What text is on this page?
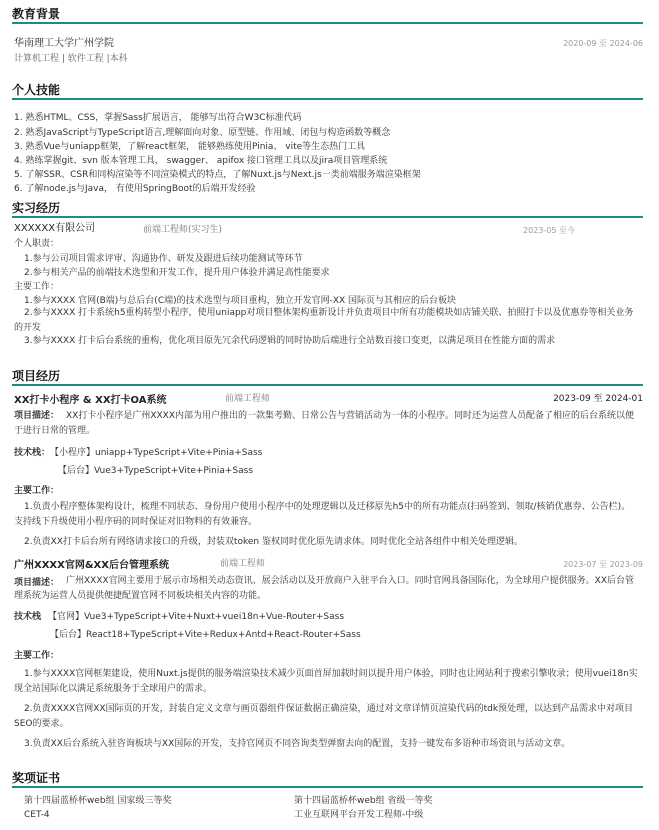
教育背景
华南理工大学广州学院	2020-09 至 2024-06
计算机工程 | 软件工程 |本科
个人技能
1. 熟悉HTML、CSS，掌握Sass扩展语言， 能够写出符合W3C标准代码
2. 熟悉JavaScript与TypeScript语言,理解面向对象、原型链、作用域、闭包与构造函数等概念
3. 熟悉Vue与uniapp框架，了解react框架， 能够熟练使用Pinia、 vite等生态热门工具
4. 熟练掌握git、svn 版本管理工具， swagger、 apifox 接口管理工具以及jira项目管理系统
5. 了解SSR、CSR和同构渲染等不同渲染模式的特点，了解Nuxt.js与Next.js一类前端服务端渲染框架
6. 了解node.js与Java， 有使用SpringBoot的后端开发经验
实习经历
XXXXXX有限公司	前端工程师(实习生)	2023-05 至今
个人职责：
1.参与公司项目需求评审、沟通协作、研发及跟进后续功能测试等环节
2.参与相关产品的前端技术选型和开发工作，提升用户体验并满足高性能要求
主要工作：
1.参与XXXX 官网(B端)与总后台(C端)的技术选型与项目重构，独立开发官网-XX 国际页与其相应的后台板块
2.参与XXXX 打卡系统h5重构转型小程序，使用uniapp对项目整体架构重新设计并负责项目中所有功能模块如店铺关联、拍照打卡以及优惠券等相关业务的开发
3.参与XXXX 打卡后台系统的重构，优化项目原先冗余代码逻辑的同时协助后端进行全站数百接口变更，以满足项目在性能方面的需求
项目经历
XX打卡小程序 & XX打卡OA系统	前端工程师	2023-09 至 2024-01
项目描述： XX打卡小程序是广州XXXX内部为用户推出的一款集考勤、日常公告与营销活动为一体的小程序。同时还为运营人员配备了相应的后台系统以便于进行日常的管理。
技术栈： 【小程序】uniapp+TypeScript+Vite+Pinia+Sass
【后台】Vue3+TypeScript+Vite+Pinia+Sass
主要工作：
1.负责小程序整体架构设计，梳理不同状态、身份用户使用小程序中的处理逻辑以及迁移原先h5中的所有功能点(扫码签到、领取/核销优惠券、公告栏)。支持线下升级使用小程序码的同时保证对旧物料的有效兼容。
2.负责XX打卡后台所有网络请求接口的升级，封装双token 鉴权同时优化原先请求体。同时优化全站各组件中相关处理逻辑。
广州XXXX官网&XX后台管理系统	前端工程师	2023-07 至 2023-09
项目描述： 广州XXXX官网主要用于展示市场相关动态资讯、展会活动以及开放商户入驻平台入口。同时官网具备国际化，为全球用户提供服务。XX后台管理系统为运营人员提供便捷配置官网不同板块相关内容的功能。
技术栈 【官网】Vue3+TypeScript+Vite+Nuxt+vuei18n+Vue-Router+Sass
【后台】React18+TypeScript+Vite+Redux+Antd+React-Router+Sass
主要工作：
1.参与XXXX官网框架建设，使用Nuxt.js提供的服务端渲染技术减少页面首屏加载时间以提升用户体验，同时也让网站利于搜索引擎收录；使用vuei18n实现全站国际化以满足系统服务于全球用户的需求。
2.负责XXXX官网XX国际页的开发，封装自定义文章与画页器组件保证数据正确渲染，通过对文章详情页渲染代码的tdk预处理，以达到产品需求中对项目SEO的要求。
3.负责XX后台系统入驻咨询板块与XX国际的开发，支持官网页不同咨询类型弹窗去向的配置，支持一键发布多语种市场资讯与活动文章。
奖项证书
第十四届蓝桥杯web组 国家级三等奖	第十四届蓝桥杯web组 省级一等奖
CET-4	工业互联网平台开发工程师-中级
